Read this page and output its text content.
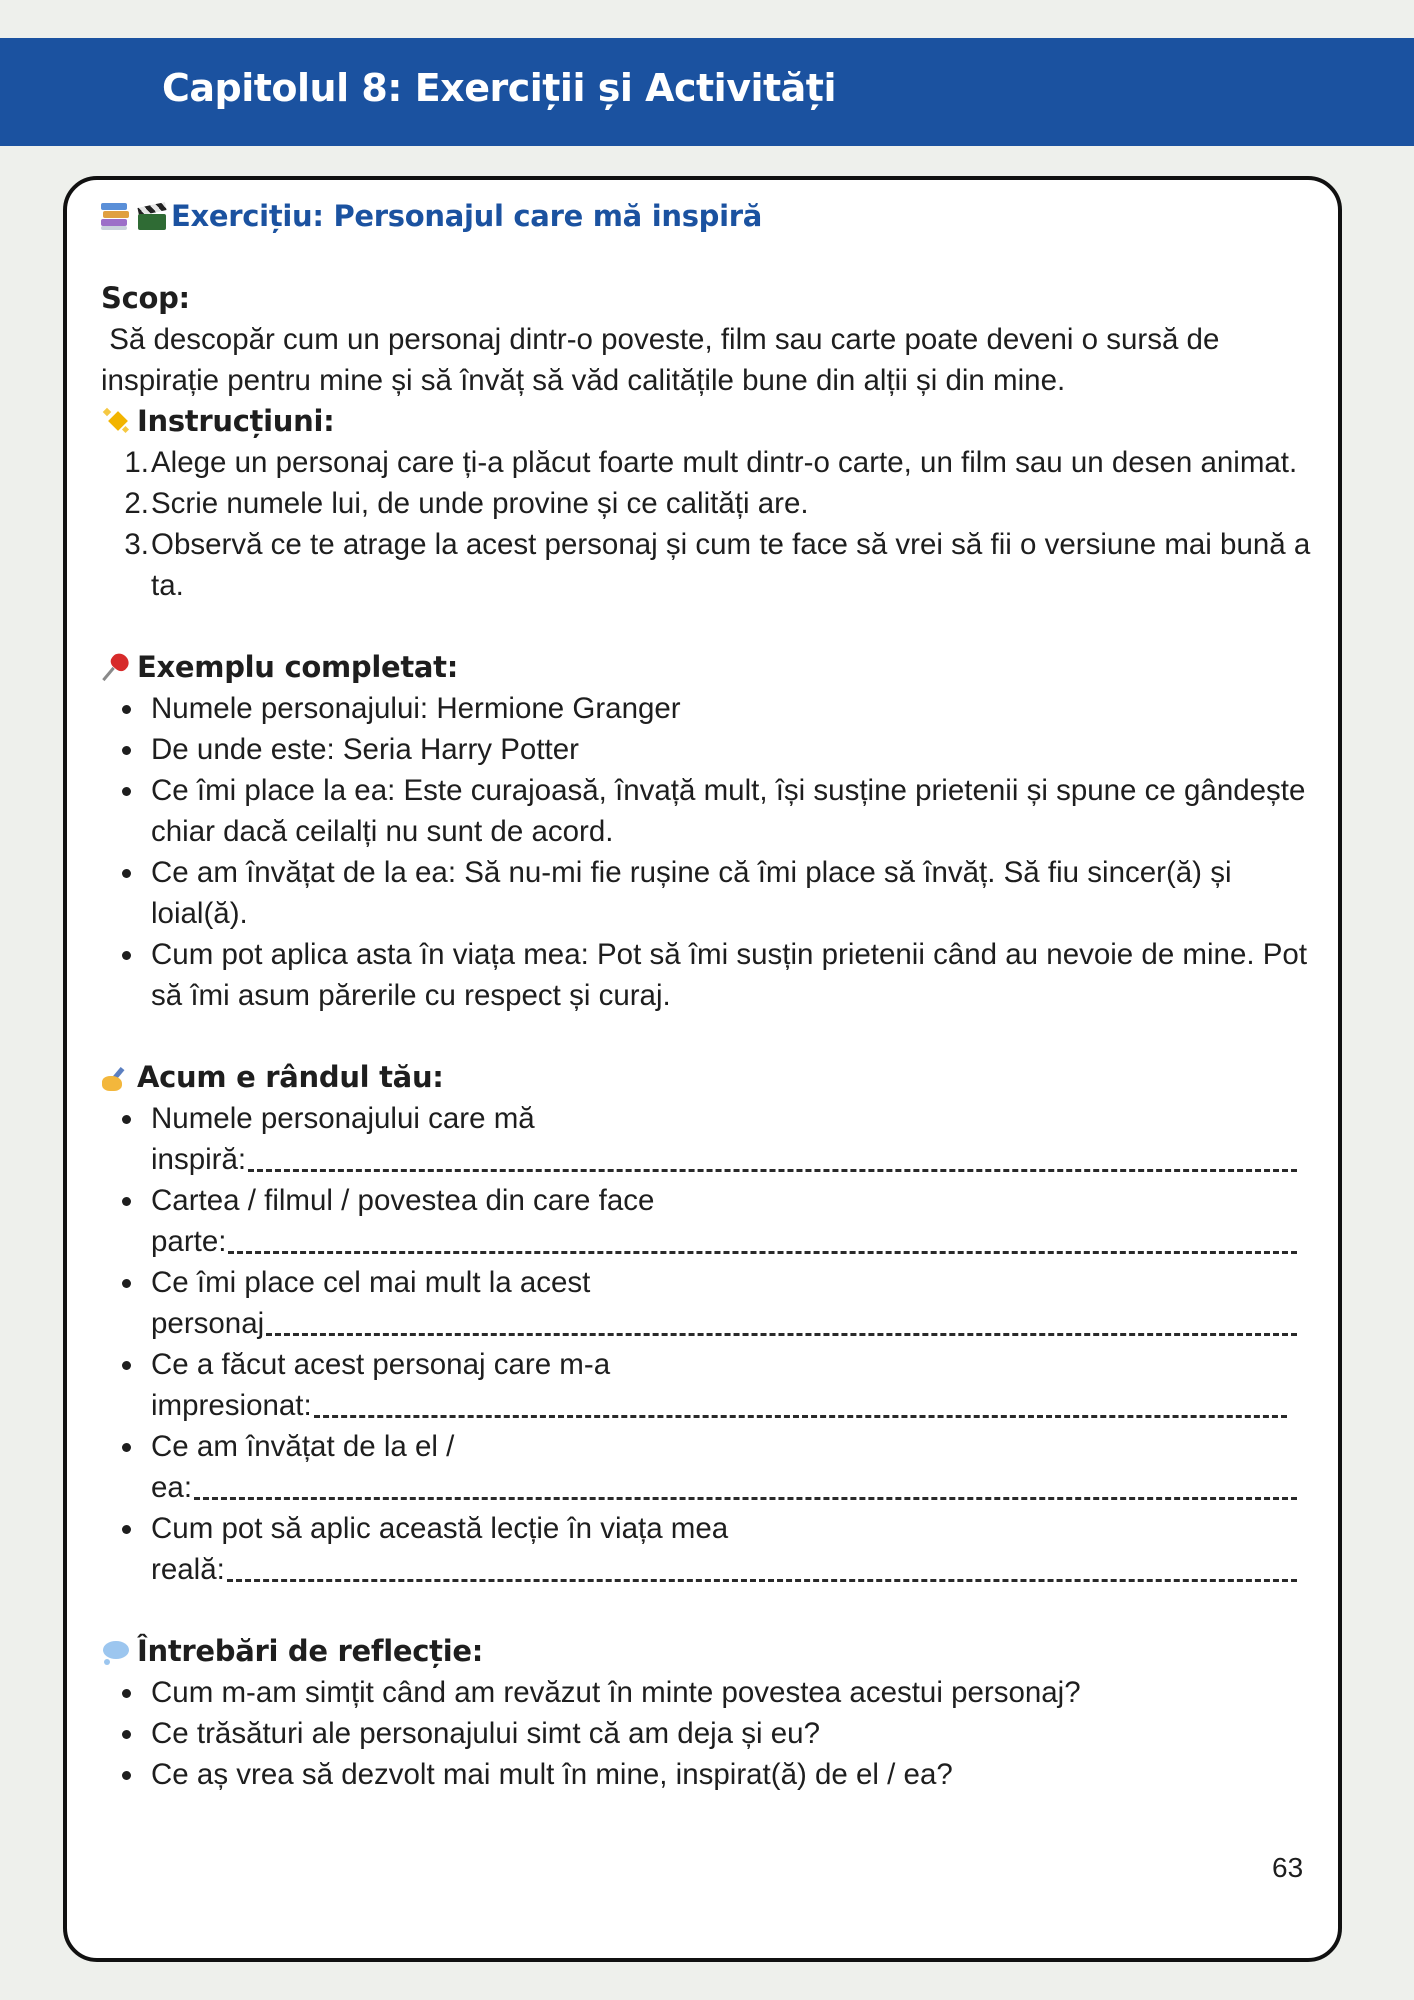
Capitolul 8: Exerciții și Activități
Exercițiu: Personajul care mă inspiră
Scop:

Să descopăr cum un personaj dintr-o poveste, film sau carte poate deveni o sursă de inspirație pentru mine și să învăț să văd calitățile bune din alții și din mine.

Instrucțiuni:
1. Alege un personaj care ți-a plăcut foarte mult dintr-o carte, un film sau un desen animat.
2. Scrie numele lui, de unde provine și ce calități are.
3. Observă ce te atrage la acest personaj și cum te face să vrei să fii o versiune mai bună a ta.
Exemplu completat:
Numele personajului: Hermione Granger
De unde este: Seria Harry Potter
Ce îmi place la ea: Este curajoasă, învață mult, își susține prietenii și spune ce gândește chiar dacă ceilalți nu sunt de acord.
Ce am învățat de la ea: Să nu-mi fie rușine că îmi place să învăț. Să fiu sincer(ă) și loial(ă).
Cum pot aplica asta în viața mea: Pot să îmi susțin prietenii când au nevoie de mine. Pot să îmi asum părerile cu respect și curaj.
Acum e rândul tău:
Numele personajului care mă
inspiră:
Cartea / filmul / povestea din care face
parte:
Ce îmi place cel mai mult la acest
personaj
Ce a făcut acest personaj care m-a
impresionat:
Ce am învățat de la el /
ea:
Cum pot să aplic această lecție în viața mea
reală:
Întrebări de reflecție:
Cum m-am simțit când am revăzut în minte povestea acestui personaj?
Ce trăsături ale personajului simt că am deja și eu?
Ce aș vrea să dezvolt mai mult în mine, inspirat(ă) de el / ea?
63
